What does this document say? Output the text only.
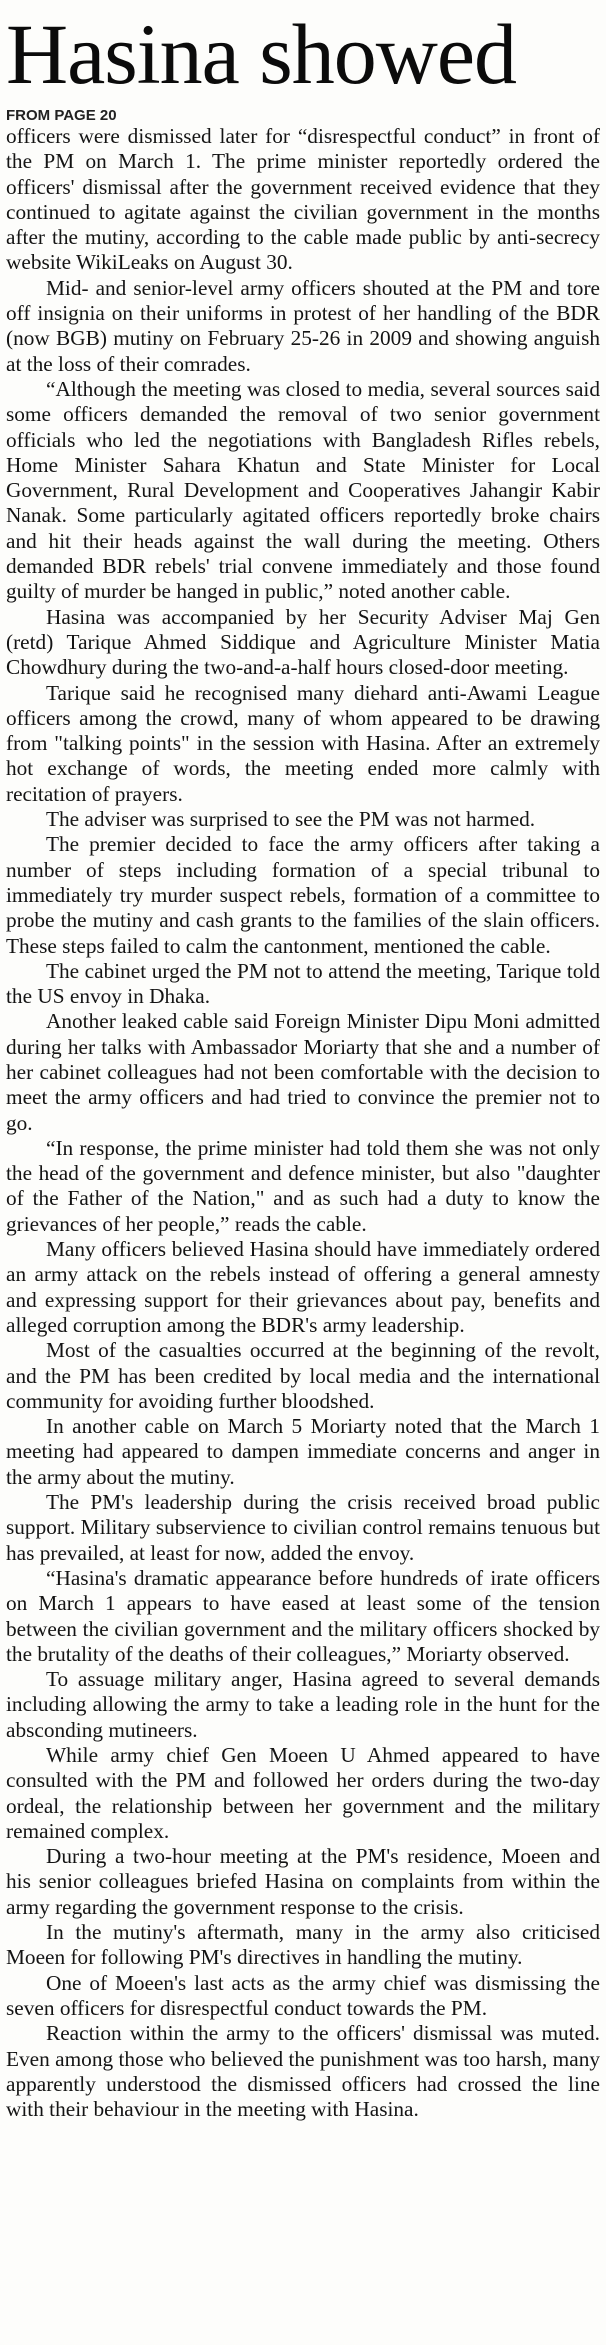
Hasina showed
FROM PAGE 20

officers were dismissed later for “disrespectful conduct” in front of the PM on March 1. The prime minister reportedly ordered the officers' dismissal after the government received evidence that they continued to agitate against the civilian government in the months after the mutiny, according to the cable made public by anti-secrecy website WikiLeaks on August 30.

Mid- and senior-level army officers shouted at the PM and tore off insignia on their uniforms in protest of her handling of the BDR (now BGB) mutiny on February 25-26 in 2009 and showing anguish at the loss of their comrades.

“Although the meeting was closed to media, several sources said some officers demanded the removal of two senior government officials who led the negotiations with Bangladesh Rifles rebels, Home Minister Sahara Khatun and State Minister for Local Government, Rural Development and Cooperatives Jahangir Kabir Nanak. Some particularly agitated officers reportedly broke chairs and hit their heads against the wall during the meeting. Others demanded BDR rebels' trial convene immediately and those found guilty of murder be hanged in public,” noted another cable.

Hasina was accompanied by her Security Adviser Maj Gen (retd) Tarique Ahmed Siddique and Agriculture Minister Matia Chowdhury during the two-and-a-half hours closed-door meeting.

Tarique said he recognised many diehard anti-Awami League officers among the crowd, many of whom appeared to be drawing from "talking points" in the session with Hasina. After an extremely hot exchange of words, the meeting ended more calmly with recitation of prayers.

The adviser was surprised to see the PM was not harmed.

The premier decided to face the army officers after taking a number of steps including formation of a special tribunal to immediately try murder suspect rebels, formation of a committee to probe the mutiny and cash grants to the families of the slain officers. These steps failed to calm the cantonment, mentioned the cable.

The cabinet urged the PM not to attend the meeting, Tarique told the US envoy in Dhaka.

Another leaked cable said Foreign Minister Dipu Moni admitted during her talks with Ambassador Moriarty that she and a number of her cabinet colleagues had not been comfortable with the decision to meet the army officers and had tried to convince the premier not to go.

“In response, the prime minister had told them she was not only the head of the government and defence minister, but also "daughter of the Father of the Nation," and as such had a duty to know the grievances of her people,” reads the cable.

Many officers believed Hasina should have immediately ordered an army attack on the rebels instead of offering a general amnesty and expressing support for their grievances about pay, benefits and alleged corruption among the BDR's army leadership.

Most of the casualties occurred at the beginning of the revolt, and the PM has been credited by local media and the international community for avoiding further bloodshed.

In another cable on March 5 Moriarty noted that the March 1 meeting had appeared to dampen immediate concerns and anger in the army about the mutiny.

The PM's leadership during the crisis received broad public support. Military subservience to civilian control remains tenuous but has prevailed, at least for now, added the envoy.

“Hasina's dramatic appearance before hundreds of irate officers on March 1 appears to have eased at least some of the tension between the civilian government and the military officers shocked by the brutality of the deaths of their colleagues,” Moriarty observed.

To assuage military anger, Hasina agreed to several demands including allowing the army to take a leading role in the hunt for the absconding mutineers.

While army chief Gen Moeen U Ahmed appeared to have consulted with the PM and followed her orders during the two-day ordeal, the relationship between her government and the military remained complex.

During a two-hour meeting at the PM's residence, Moeen and his senior colleagues briefed Hasina on complaints from within the army regarding the government response to the crisis.

In the mutiny's aftermath, many in the army also criticised Moeen for following PM's directives in handling the mutiny.

One of Moeen's last acts as the army chief was dismissing the seven officers for disrespectful conduct towards the PM.

Reaction within the army to the officers' dismissal was muted. Even among those who believed the punishment was too harsh, many apparently understood the dismissed officers had crossed the line with their behaviour in the meeting with Hasina.
